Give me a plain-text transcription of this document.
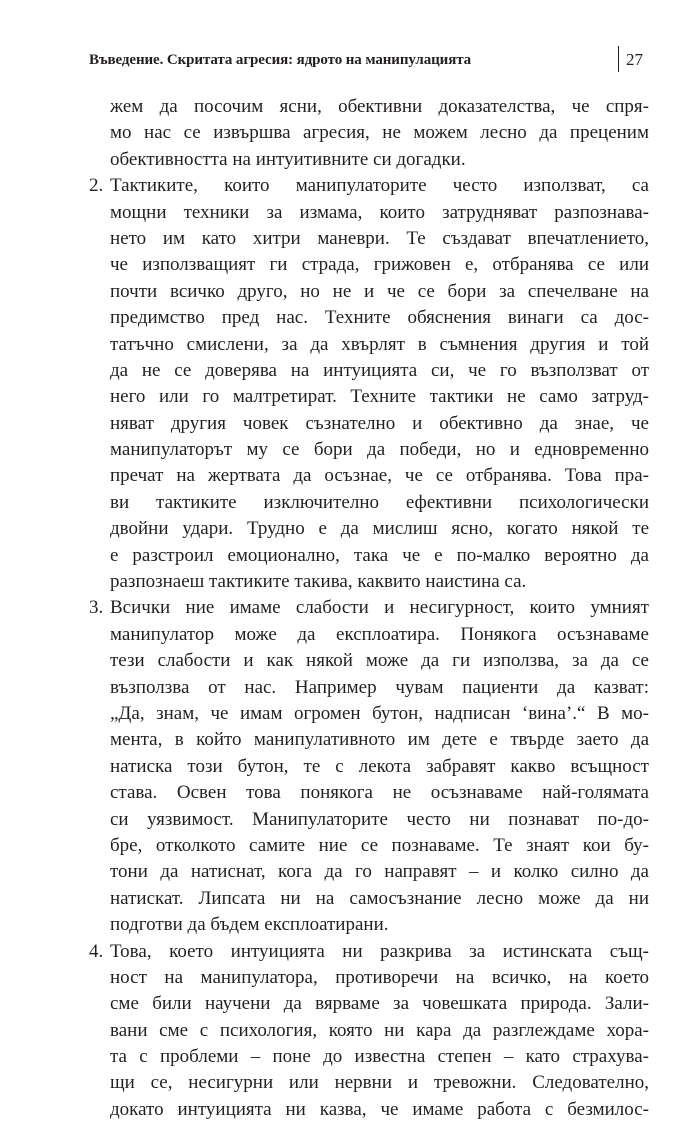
Въведение. Скритата агресия: ядрото на манипулацията	27
жем да посочим ясни, обективни доказателства, че спря-
мо нас се извършва агресия, не можем лесно да преценим
обективността на интуитивните си догадки.
2. Тактиките, които манипулаторите често използват, са
мощни техники за измама, които затрудняват разпознава-
нето им като хитри маневри. Те създават впечатлението,
че използващият ги страда, грижовен е, отбранява се или
почти всичко друго, но не и че се бори за спечелване на
предимство пред нас. Техните обяснения винаги са дос-
татъчно смислени, за да хвърлят в съмнения другия и той
да не се доверява на интуицията си, че го възползват от
него или го малтретират. Техните тактики не само затруд-
няват другия човек съзнателно и обективно да знае, че
манипулаторът му се бори да победи, но и едновременно
пречат на жертвата да осъзнае, че се отбранява. Това пра-
ви тактиките изключително ефективни психологически
двойни удари. Трудно е да мислиш ясно, когато някой те
е разстроил емоционално, така че е по-малко вероятно да
разпознаеш тактиките такива, каквито наистина са.
3. Всички ние имаме слабости и несигурност, които умният
манипулатор може да експлоатира. Понякога осъзнаваме
тези слабости и как някой може да ги използва, за да се
възползва от нас. Например чувам пациенти да казват:
„Да, знам, че имам огромен бутон, надписан ‘вина’.“ В мо-
мента, в който манипулативното им дете е твърде заето да
натиска този бутон, те с лекота забравят какво всъщност
става. Освен това понякога не осъзнаваме най-голямата
си уязвимост. Манипулаторите често ни познават по-до-
бре, отколкото самите ние се познаваме. Те знаят кои бу-
тони да натиснат, кога да го направят – и колко силно да
натискат. Липсата ни на самосъзнание лесно може да ни
подготви да бъдем експлоатирани.
4. Това, което интуицията ни разкрива за истинската същ-
ност на манипулатора, противоречи на всичко, на което
сме били научени да вярваме за човешката природа. Зали-
вани сме с психология, която ни кара да разглеждаме хора-
та с проблеми – поне до известна степен – като страхува-
щи се, несигурни или нервни и тревожни. Следователно,
докато интуицията ни казва, че имаме работа с безмилос-
